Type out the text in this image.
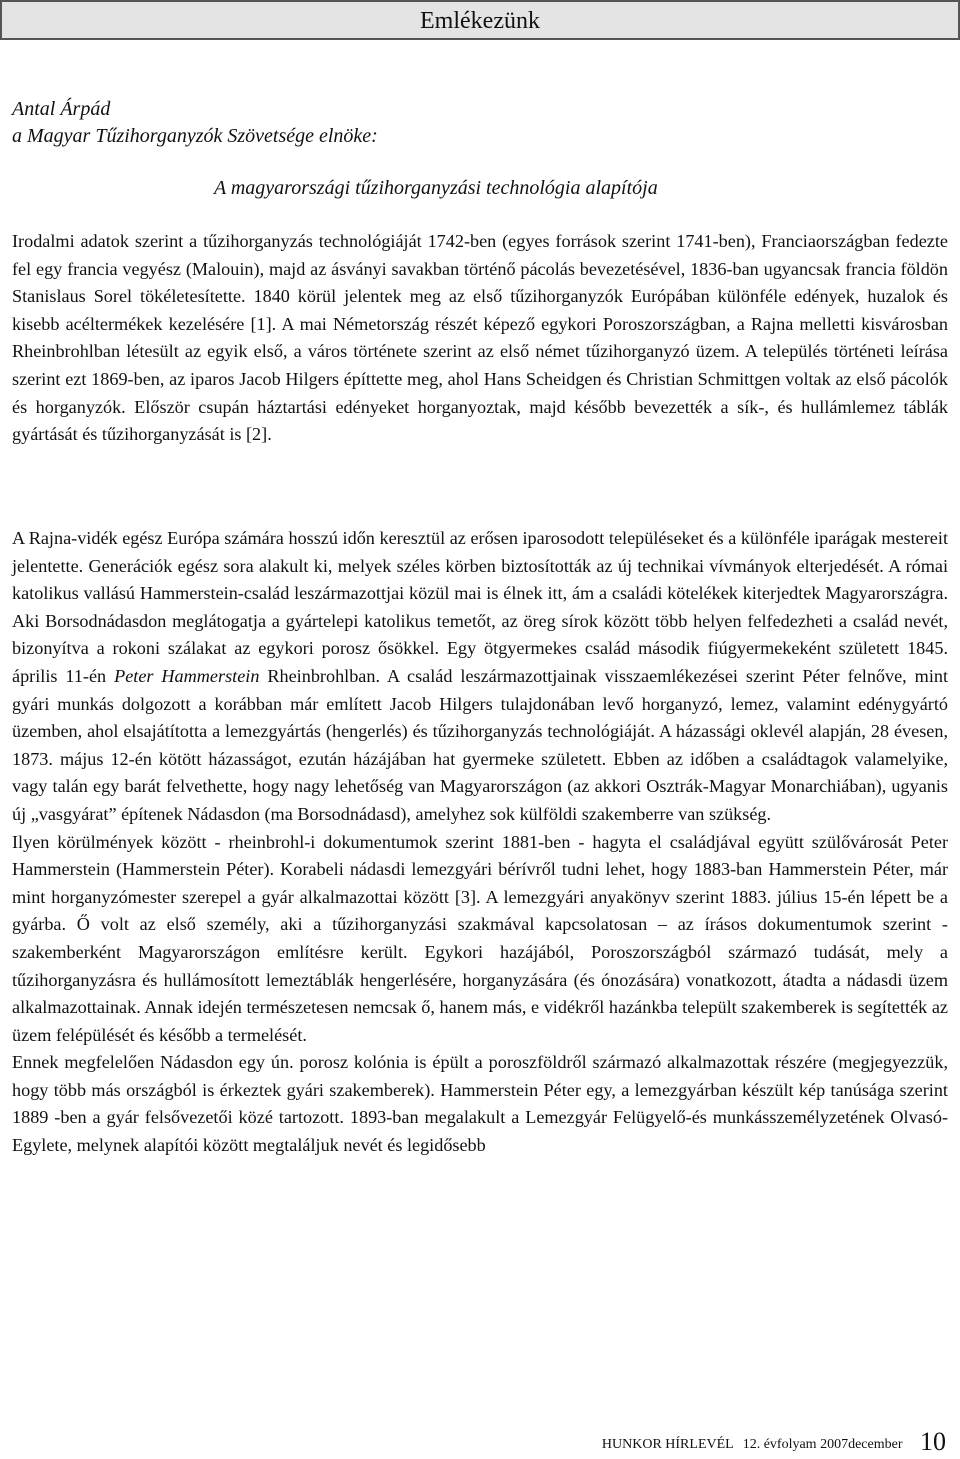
Emlékezünk
Antal Árpád
a Magyar Tűzihorganyzók Szövetsége elnöke:
A magyarországi tűzihorganyzási technológia alapítója

Irodalmi adatok szerint a tűzihorganyzás technológiáját 1742-ben (egyes források szerint 1741-ben), Franciaországban fedezte fel egy francia vegyész (Malouin), majd az ásványi savakban történő pácolás bevezetésével, 1836-ban ugyancsak francia földön Stanislaus Sorel tökéletesítette. 1840 körül jelentek meg az első tűzihorganyzók Európában különféle edények, huzalok és kisebb acéltermékek kezelésére [1]. A mai Németország részét képező egykori Poroszországban, a Rajna melletti kisvárosban Rheinbrohlban létesült az egyik első, a város története szerint az első német tűzihorganyzó üzem. A település történeti leírása szerint ezt 1869-ben, az iparos Jacob Hilgers építtette meg, ahol Hans Scheidgen és Christian Schmittgen voltak az első pácolók és horganyzók. Először csupán háztartási edényeket horganyoztak, majd később bevezették a sík-, és hullámlemez táblák gyártását és tűzihorganyzását is [2].

A Rajna-vidék egész Európa számára hosszú időn keresztül az erősen iparosodott településeket és a különféle iparágak mestereit jelentette. Generációk egész sora alakult ki, melyek széles körben biztosították az új technikai vívmányok elterjedését. A római katolikus vallású Hammerstein-család leszármazottjai közül mai is élnek itt, ám a családi kötelékek kiterjedtek Magyarországra. Aki Borsodnádasdon meglátogatja a gyártelepi katolikus temetőt, az öreg sírok között több helyen felfedezheti a család nevét, bizonyítva a rokoni szálakat az egykori porosz ősökkel. Egy ötgyermekes család második fiúgyermekeként született 1845. április 11-én Peter Hammerstein Rheinbrohlban. A család leszármazottjainak visszaemlékezései szerint Péter felnőve, mint gyári munkás dolgozott a korábban már említett Jacob Hilgers tulajdonában levő horganyzó, lemez, valamint edénygyártó üzemben, ahol elsajátította a lemezgyártás (hengerlés) és tűzihorganyzás technológiáját. A házassági oklevél alapján, 28 évesen, 1873. május 12-én kötött házasságot, ezután házájában hat gyermeke született. Ebben az időben a családtagok valamelyike, vagy talán egy barát felvethette, hogy nagy lehetőség van Magyarországon (az akkori Osztrák-Magyar Monarchiában), ugyanis új „vasgyárat” építenek Nádasdon (ma Borsodnádasd), amelyhez sok külföldi szakemberre van szükség.

Ilyen körülmények között - rheinbrohl-i dokumentumok szerint 1881-ben - hagyta el családjával együtt szülővárosát Peter Hammerstein (Hammerstein Péter). Korabeli nádasdi lemezgyári bérívről tudni lehet, hogy 1883-ban Hammerstein Péter, már mint horganyzómester szerepel a gyár alkalmazottai között [3]. A lemezgyári anyakönyv szerint 1883. július 15-én lépett be a gyárba. Ő volt az első személy, aki a tűzihorganyzási szakmával kapcsolatosan – az írásos dokumentumok szerint - szakemberként Magyarországon említésre került. Egykori hazájából, Poroszországból származó tudását, mely a tűzihorganyzásra és hullámosított lemeztáblák hengerlésére, horganyzására (és ónozására) vonatkozott, átadta a nádasdi üzem alkalmazottainak. Annak idején természetesen nemcsak ő, hanem más, e vidékről hazánkba települt szakemberek is segítették az üzem felépülését és később a termelését.

Ennek megfelelően Nádasdon egy ún. porosz kolónia is épült a poroszföldről származó alkalmazottak részére (megjegyezzük, hogy több más országból is érkeztek gyári szakemberek). Hammerstein Péter egy, a lemezgyárban készült kép tanúsága szerint 1889 -ben a gyár felsővezetői közé tartozott. 1893-ban megalakult a Lemezgyár Felügyelő-és munkásszemélyzetének Olvasó-Egylete, melynek alapítói között megtaláljuk nevét és legidősebb

HUNKOR HÍRLEVÉL 12. évfolyam 2007december 10
